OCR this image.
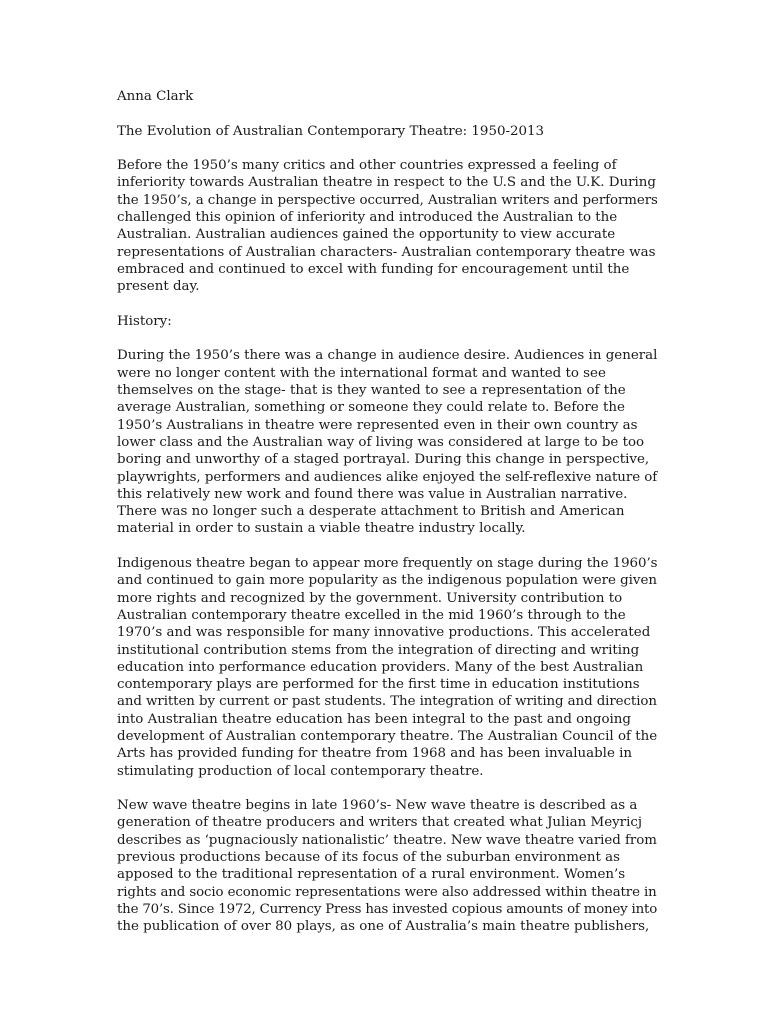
Anna Clark
The Evolution of Australian Contemporary Theatre: 1950-2013
Before the 1950’s many critics and other countries expressed a feeling of
inferiority towards Australian theatre in respect to the U.S and the U.K. During
the 1950’s, a change in perspective occurred, Australian writers and performers
challenged this opinion of inferiority and introduced the Australian to the
Australian. Australian audiences gained the opportunity to view accurate
representations of Australian characters- Australian contemporary theatre was
embraced and continued to excel with funding for encouragement until the
present day.
History:
During the 1950’s there was a change in audience desire. Audiences in general
were no longer content with the international format and wanted to see
themselves on the stage- that is they wanted to see a representation of the
average Australian, something or someone they could relate to. Before the
1950’s Australians in theatre were represented even in their own country as
lower class and the Australian way of living was considered at large to be too
boring and unworthy of a staged portrayal. During this change in perspective,
playwrights, performers and audiences alike enjoyed the self-reflexive nature of
this relatively new work and found there was value in Australian narrative.
There was no longer such a desperate attachment to British and American
material in order to sustain a viable theatre industry locally.
Indigenous theatre began to appear more frequently on stage during the 1960’s
and continued to gain more popularity as the indigenous population were given
more rights and recognized by the government. University contribution to
Australian contemporary theatre excelled in the mid 1960’s through to the
1970’s and was responsible for many innovative productions. This accelerated
institutional contribution stems from the integration of directing and writing
education into performance education providers. Many of the best Australian
contemporary plays are performed for the first time in education institutions
and written by current or past students. The integration of writing and direction
into Australian theatre education has been integral to the past and ongoing
development of Australian contemporary theatre. The Australian Council of the
Arts has provided funding for theatre from 1968 and has been invaluable in
stimulating production of local contemporary theatre.
New wave theatre begins in late 1960’s- New wave theatre is described as a
generation of theatre producers and writers that created what Julian Meyricj
describes as ‘pugnaciously nationalistic’ theatre. New wave theatre varied from
previous productions because of its focus of the suburban environment as
apposed to the traditional representation of a rural environment. Women’s
rights and socio economic representations were also addressed within theatre in
the 70’s. Since 1972, Currency Press has invested copious amounts of money into
the publication of over 80 plays, as one of Australia’s main theatre publishers,
